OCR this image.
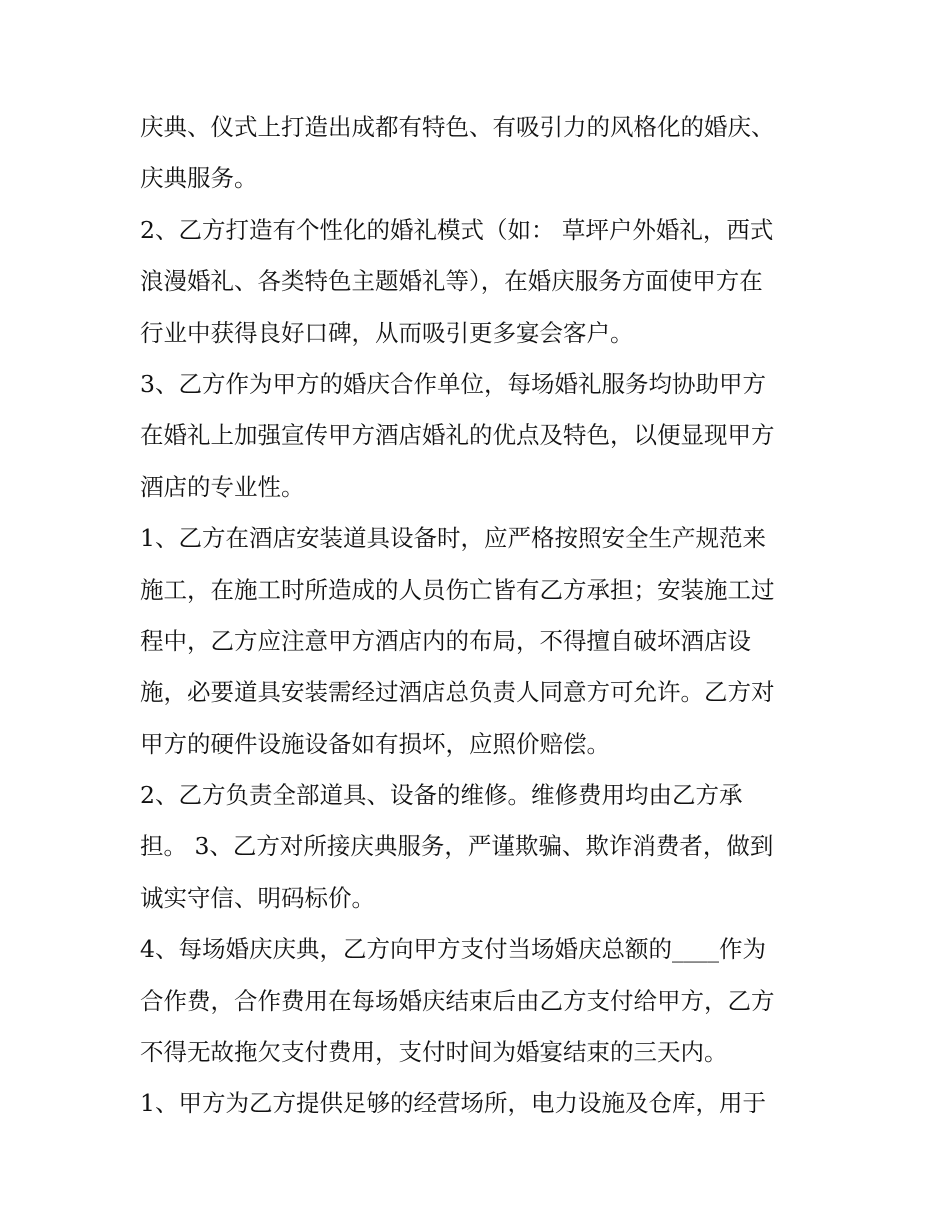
庆典、仪式上打造出成都有特色、有吸引力的风格化的婚庆、
庆典服务。
2、乙方打造有个性化的婚礼模式（如： 草坪户外婚礼，西式
浪漫婚礼、各类特色主题婚礼等），在婚庆服务方面使甲方在
行业中获得良好口碑，从而吸引更多宴会客户。
3、乙方作为甲方的婚庆合作单位，每场婚礼服务均协助甲方
在婚礼上加强宣传甲方酒店婚礼的优点及特色，以便显现甲方
酒店的专业性。
1、乙方在酒店安装道具设备时，应严格按照安全生产规范来
施工，在施工时所造成的人员伤亡皆有乙方承担；安装施工过
程中，乙方应注意甲方酒店内的布局，不得擅自破坏酒店设
施，必要道具安装需经过酒店总负责人同意方可允许。乙方对
甲方的硬件设施设备如有损坏，应照价赔偿。
2、乙方负责全部道具、设备的维修。维修费用均由乙方承
担。 3、乙方对所接庆典服务，严谨欺骗、欺诈消费者，做到
诚实守信、明码标价。
4、每场婚庆庆典，乙方向甲方支付当场婚庆总额的____作为
合作费，合作费用在每场婚庆结束后由乙方支付给甲方，乙方
不得无故拖欠支付费用，支付时间为婚宴结束的三天内。
1、甲方为乙方提供足够的经营场所，电力设施及仓库，用于
